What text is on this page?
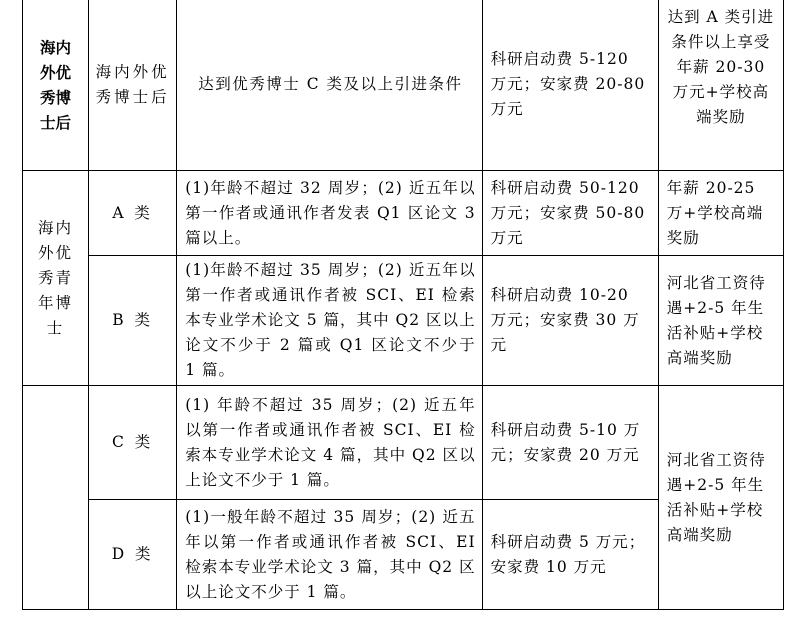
海内外优秀博士后	海内外优秀博士后	达到优秀博士 C 类及以上引进条件	科研启动费 5-120 万元；安家费 20-80 万元	达到 A 类引进条件以上享受年薪 20-30 万元+学校高端奖励

海内外优秀青年博士	A 类	(1)年龄不超过 32 周岁；(2) 近五年以第一作者或通讯作者发表 Q1 区论文 3 篇以上。	科研启动费 50-120 万元；安家费 50-80 万元	年薪 20-25 万+学校高端奖励

	B 类	(1)年龄不超过 35 周岁；(2) 近五年以第一作者或通讯作者被 SCI、EI 检索本专业学术论文 5 篇，其中 Q2 区以上论文不少于 2 篇或 Q1 区论文不少于 1 篇。	科研启动费 10-20 万元；安家费 30 万元	河北省工资待遇+2-5 年生活补贴+学校高端奖励

	C 类	(1) 年龄不超过 35 周岁；(2) 近五年以第一作者或通讯作者被 SCI、EI 检索本专业学术论文 4 篇，其中 Q2 区以上论文不少于 1 篇。	科研启动费 5-10 万元；安家费 20 万元	河北省工资待遇+2-5 年生活补贴+学校高端奖励

	D 类	(1)一般年龄不超过 35 周岁；(2) 近五年以第一作者或通讯作者被 SCI、EI 检索本专业学术论文 3 篇，其中 Q2 区以上论文不少于 1 篇。	科研启动费 5 万元；安家费 10 万元	
